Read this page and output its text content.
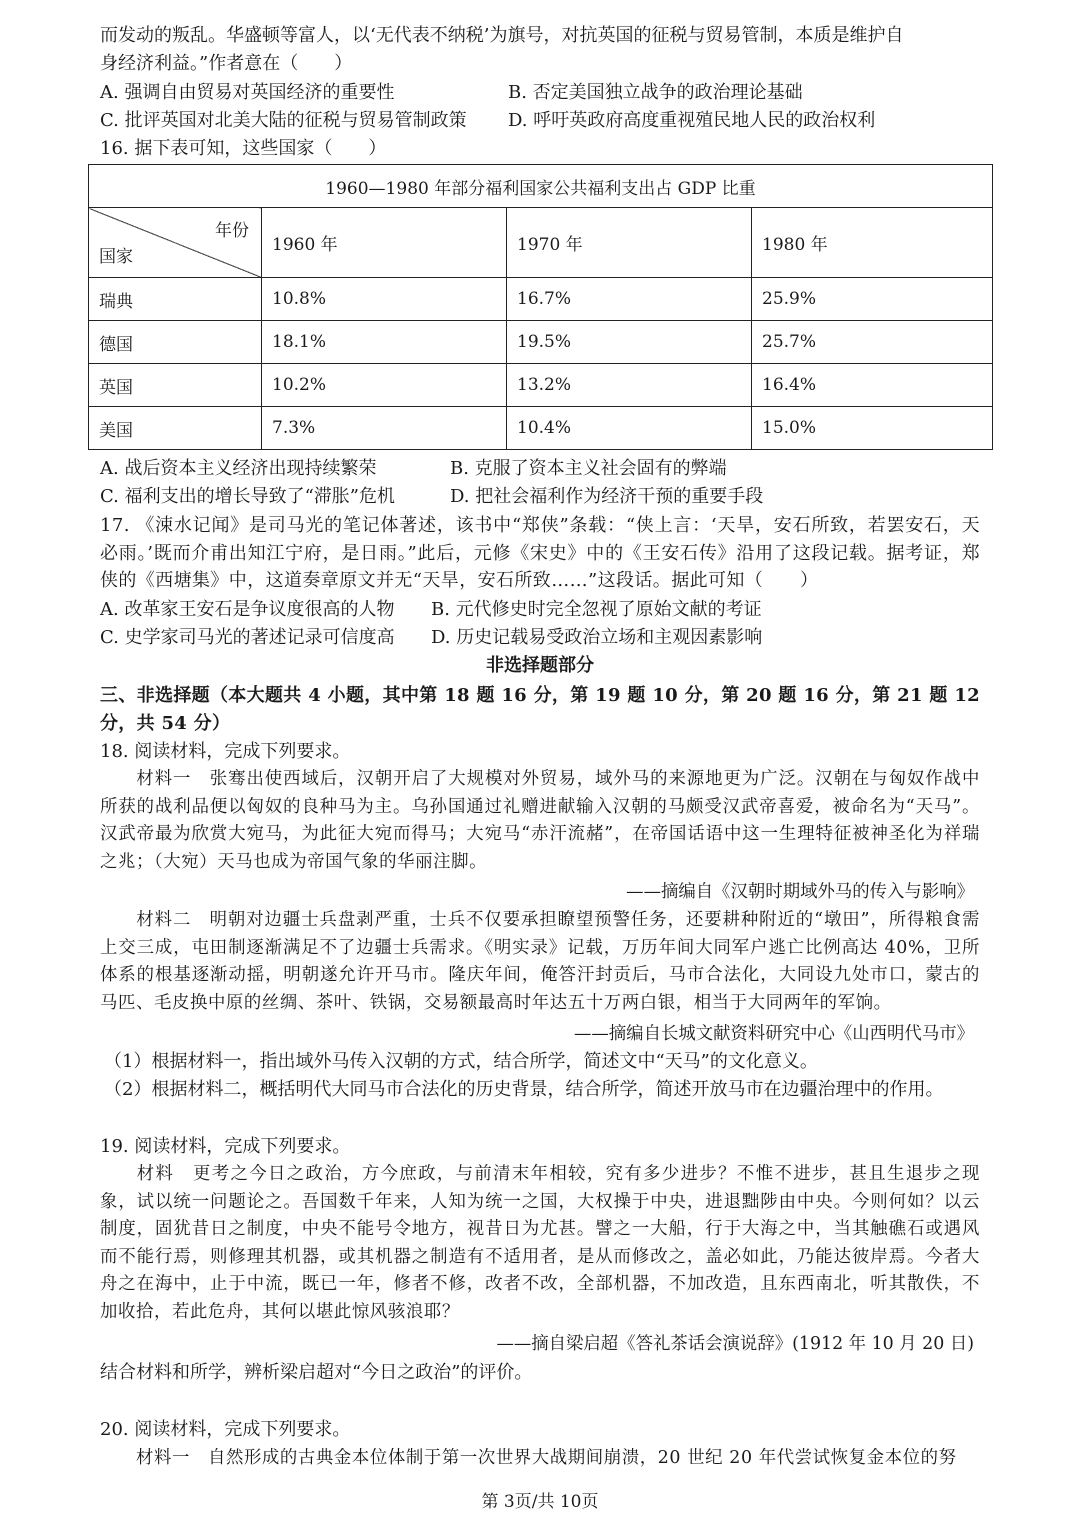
而发动的叛乱。华盛顿等富人，以‘无代表不纳税’为旗号，对抗英国的征税与贸易管制，本质是维护自
身经济利益。”作者意在（　　）
A. 强调自由贸易对英国经济的重要性	B. 否定美国独立战争的政治理论基础
C. 批评英国对北美大陆的征税与贸易管制政策 D. 呼吁英政府高度重视殖民地人民的政治权利
16. 据下表可知，这些国家（　　）
1960—1980 年部分福利国家公共福利支出占 GDP 比重			

年份
国家	1960 年	1970 年	1980 年
瑞典	10.8%	16.7%	25.9%
德国	18.1%	19.5%	25.7%
英国	10.2%	13.2%	16.4%
美国	7.3%	10.4%	15.0%
A. 战后资本主义经济出现持续繁荣	B. 克服了资本主义社会固有的弊端
C. 福利支出的增长导致了“滞胀”危机	D. 把社会福利作为经济干预的重要手段
17. 《涑水记闻》是司马光的笔记体著述，该书中“郑侠”条载：“侠上言：‘天旱，安石所致，若罢安石，天必雨。’既而介甫出知江宁府，是日雨。”此后，元修《宋史》中的《王安石传》沿用了这段记载。据考证，郑侠的《西塘集》中，这道奏章原文并无“天旱，安石所致……”这段话。据此可知（　　）
A. 改革家王安石是争议度很高的人物 B. 元代修史时完全忽视了原始文献的考证
C. 史学家司马光的著述记录可信度高 D. 历史记载易受政治立场和主观因素影响
非选择题部分
三、非选择题（本大题共 4 小题，其中第 18 题 16 分，第 19 题 10 分，第 20 题 16 分，第 21 题 12 分，共 54 分）
18. 阅读材料，完成下列要求。
材料一　张骞出使西域后，汉朝开启了大规模对外贸易，域外马的来源地更为广泛。汉朝在与匈奴作战中所获的战利品便以匈奴的良种马为主。乌孙国通过礼赠进献输入汉朝的马颇受汉武帝喜爱，被命名为“天马”。汉武帝最为欣赏大宛马，为此征大宛而得马；大宛马“赤汗流赭”，在帝国话语中这一生理特征被神圣化为祥瑞之兆；（大宛）天马也成为帝国气象的华丽注脚。
——摘编自《汉朝时期域外马的传入与影响》
材料二　明朝对边疆士兵盘剥严重，士兵不仅要承担瞭望预警任务，还要耕种附近的“墩田”，所得粮食需上交三成，屯田制逐渐满足不了边疆士兵需求。《明实录》记载，万历年间大同军户逃亡比例高达 40%，卫所体系的根基逐渐动摇，明朝遂允许开马市。隆庆年间，俺答汗封贡后，马市合法化，大同设九处市口，蒙古的马匹、毛皮换中原的丝绸、茶叶、铁锅，交易额最高时年达五十万两白银，相当于大同两年的军饷。
——摘编自长城文献资料研究中心《山西明代马市》
（1）根据材料一，指出域外马传入汉朝的方式，结合所学，简述文中“天马”的文化意义。
（2）根据材料二，概括明代大同马市合法化的历史背景，结合所学，简述开放马市在边疆治理中的作用。
19. 阅读材料，完成下列要求。
材料　更考之今日之政治，方今庶政，与前清末年相较，究有多少进步？不惟不进步，甚且生退步之现象，试以统一问题论之。吾国数千年来，人知为统一之国，大权操于中央，进退黜陟由中央。今则何如？以云制度，固犹昔日之制度，中央不能号令地方，视昔日为尤甚。譬之一大船，行于大海之中，当其触礁石或遇风而不能行焉，则修理其机器，或其机器之制造有不适用者，是从而修改之，盖必如此，乃能达彼岸焉。今者大舟之在海中，止于中流，既已一年，修者不修，改者不改，全部机器，不加改造，且东西南北，听其散佚，不加收拾，若此危舟，其何以堪此惊风骇浪耶？
——摘自梁启超《答礼茶话会演说辞》(1912 年 10 月 20 日)
结合材料和所学，辨析梁启超对“今日之政治”的评价。
20. 阅读材料，完成下列要求。
材料一　自然形成的古典金本位体制于第一次世界大战期间崩溃，20 世纪 20 年代尝试恢复金本位的努
第 3页/共 10页
